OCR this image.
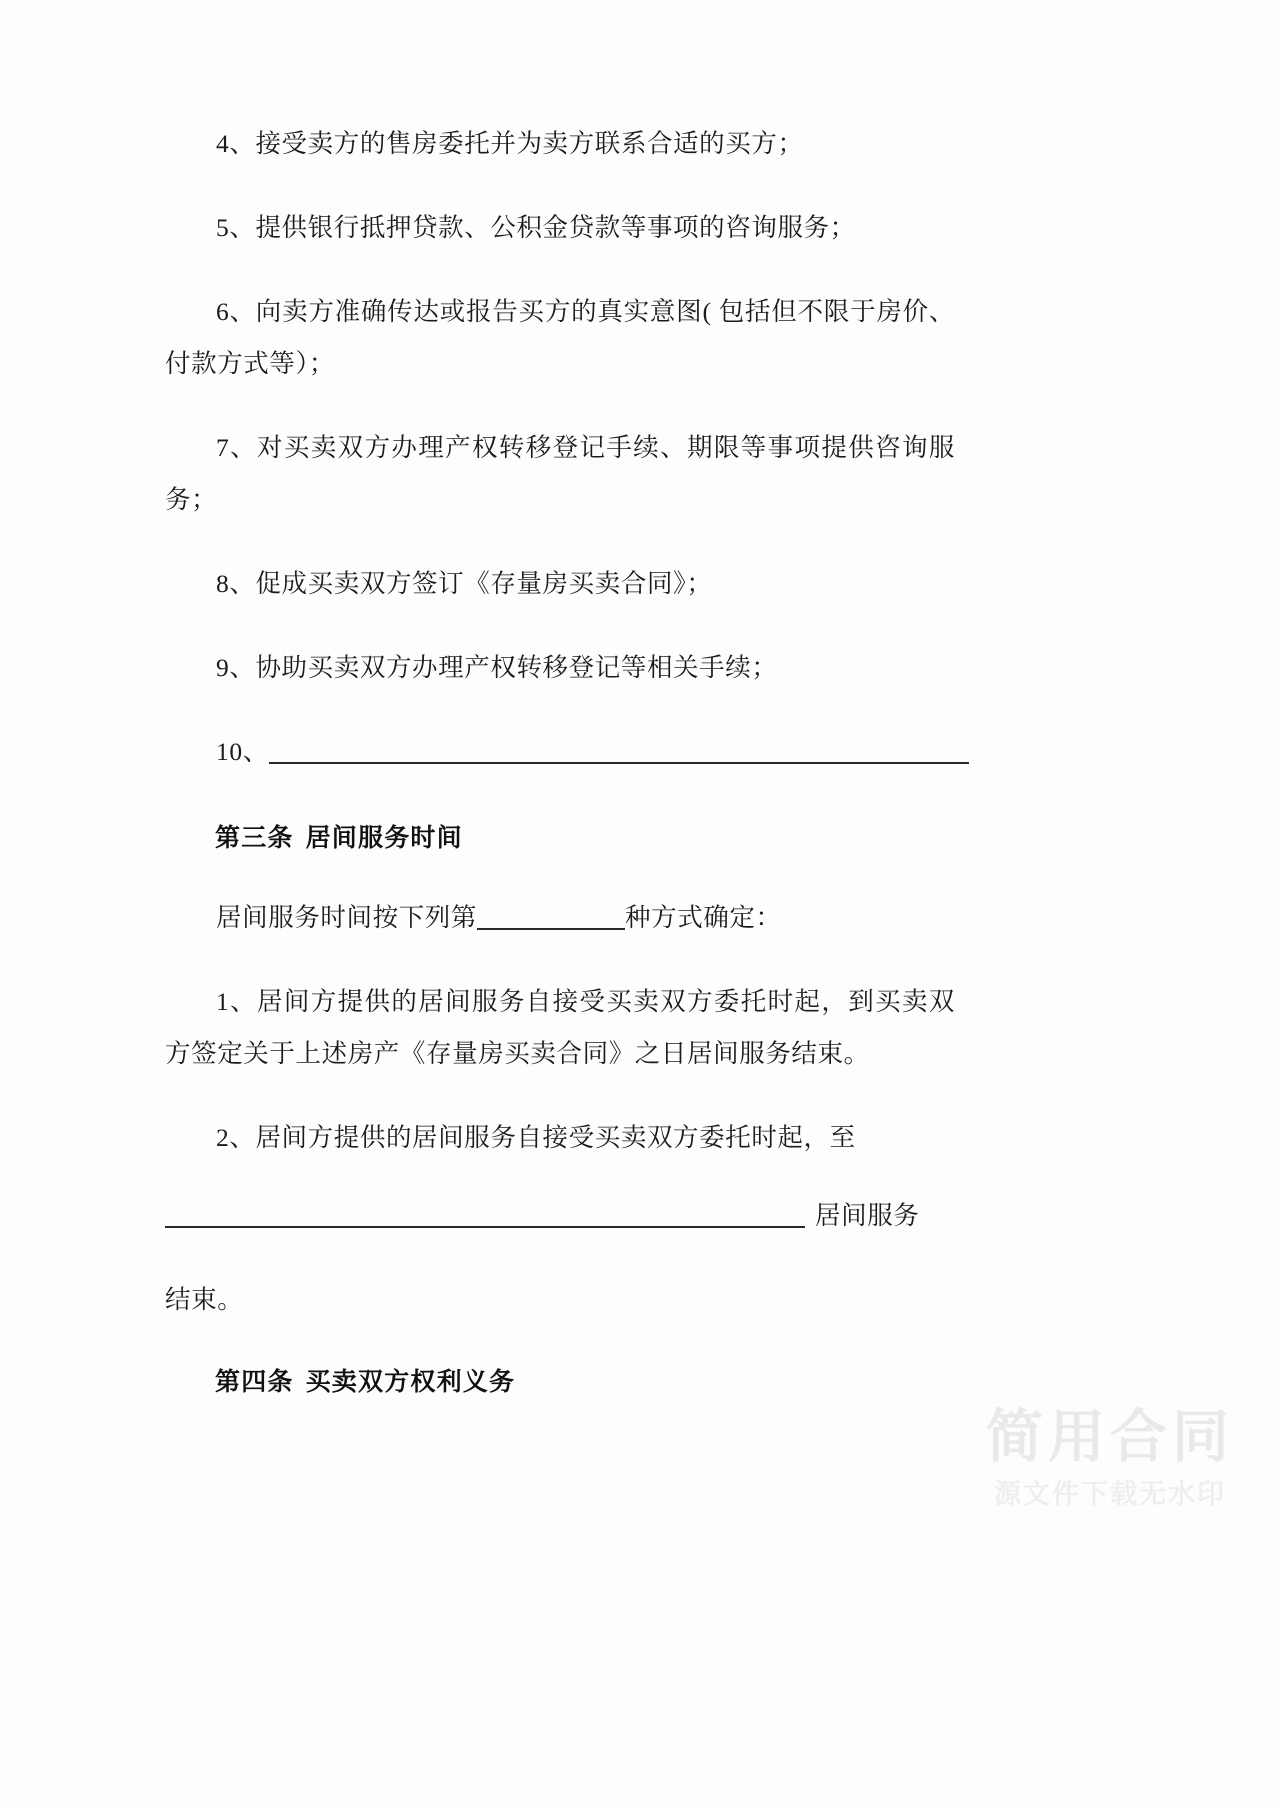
4、接受卖方的售房委托并为卖方联系合适的买方；

5、提供银行抵押贷款、公积金贷款等事项的咨询服务；

6、向卖方准确传达或报告买方的真实意图( 包括但不限于房价、付款方式等）；

7、对买卖双方办理产权转移登记手续、期限等事项提供咨询服务；

8、促成买卖双方签订《存量房买卖合同》；

9、协助买卖双方办理产权转移登记等相关手续；

10、

第三条 居间服务时间

居间服务时间按下列第	种方式确定：

1、居间方提供的居间服务自接受买卖双方委托时起，到买卖双方签定关于上述房产《存量房买卖合同》之日居间服务结束。

2、居间方提供的居间服务自接受买卖双方委托时起，至

居间服务

结束。

第四条 买卖双方权利义务
简用合同
源文件下载无水印
